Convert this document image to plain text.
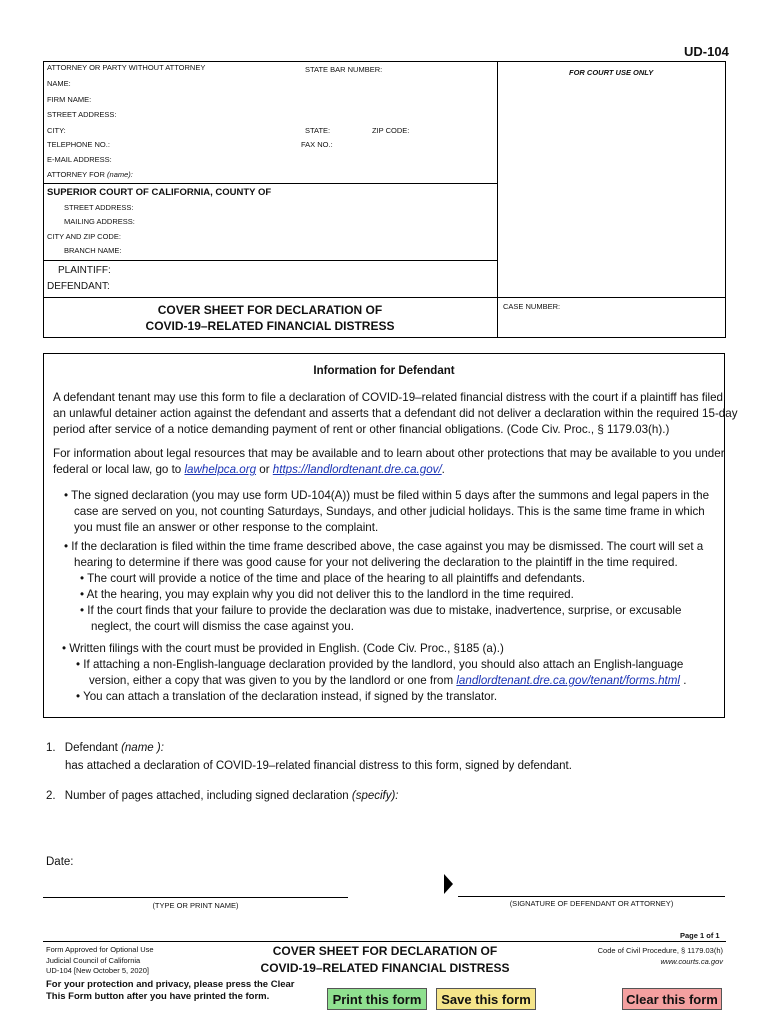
UD-104
ATTORNEY OR PARTY WITHOUT ATTORNEY	STATE BAR NUMBER:	FOR COURT USE ONLY
NAME:
FIRM NAME:
STREET ADDRESS:
CITY:	STATE:	ZIP CODE:
TELEPHONE NO.:	FAX NO.:
E-MAIL ADDRESS:
ATTORNEY FOR (name):
SUPERIOR COURT OF CALIFORNIA, COUNTY OF
STREET ADDRESS:
MAILING ADDRESS:
CITY AND ZIP CODE:
BRANCH NAME:
PLAINTIFF:
DEFENDANT:
COVER SHEET FOR DECLARATION OF
COVID-19–RELATED FINANCIAL DISTRESS
CASE NUMBER:
Information for Defendant
A defendant tenant may use this form to file a declaration of COVID-19–related financial distress with the court if a plaintiff has filed
an unlawful detainer action against the defendant and asserts that a defendant did not deliver a declaration within the required 15-day
period after service of a notice demanding payment of rent or other financial obligations. (Code Civ. Proc., § 1179.03(h).)
For information about legal resources that may be available and to learn about other protections that may be available to you under
federal or local law, go to lawhelpca.org or https://landlordtenant.dre.ca.gov/.
• The signed declaration (you may use form UD-104(A)) must be filed within 5 days after the summons and legal papers in the
case are served on you, not counting Saturdays, Sundays, and other judicial holidays. This is the same time frame in which
you must file an answer or other response to the complaint.
• If the declaration is filed within the time frame described above, the case against you may be dismissed. The court will set a
hearing to determine if there was good cause for your not delivering the declaration to the plaintiff in the time required.
• The court will provide a notice of the time and place of the hearing to all plaintiffs and defendants.
• At the hearing, you may explain why you did not deliver this to the landlord in the time required.
• If the court finds that your failure to provide the declaration was due to mistake, inadvertence, surprise, or excusable
neglect, the court will dismiss the case against you.
• Written filings with the court must be provided in English. (Code Civ. Proc., §185 (a).)
• If attaching a non-English-language declaration provided by the landlord, you should also attach an English-language
version, either a copy that was given to you by the landlord or one from landlordtenant.dre.ca.gov/tenant/forms.html .
• You can attach a translation of the declaration instead, if signed by the translator.
1. Defendant (name ):
has attached a declaration of COVID-19–related financial distress to this form, signed by defendant.
2. Number of pages attached, including signed declaration (specify):
Date:
(TYPE OR PRINT NAME)	(SIGNATURE OF DEFENDANT OR ATTORNEY)
Page 1 of 1
Form Approved for Optional Use
Judicial Council of California
UD-104 [New October 5, 2020]
COVER SHEET FOR DECLARATION OF
COVID-19–RELATED FINANCIAL DISTRESS
Code of Civil Procedure, § 1179.03(h)
www.courts.ca.gov
For your protection and privacy, please press the Clear
This Form button after you have printed the form.	Print this form	Save this form	Clear this form
